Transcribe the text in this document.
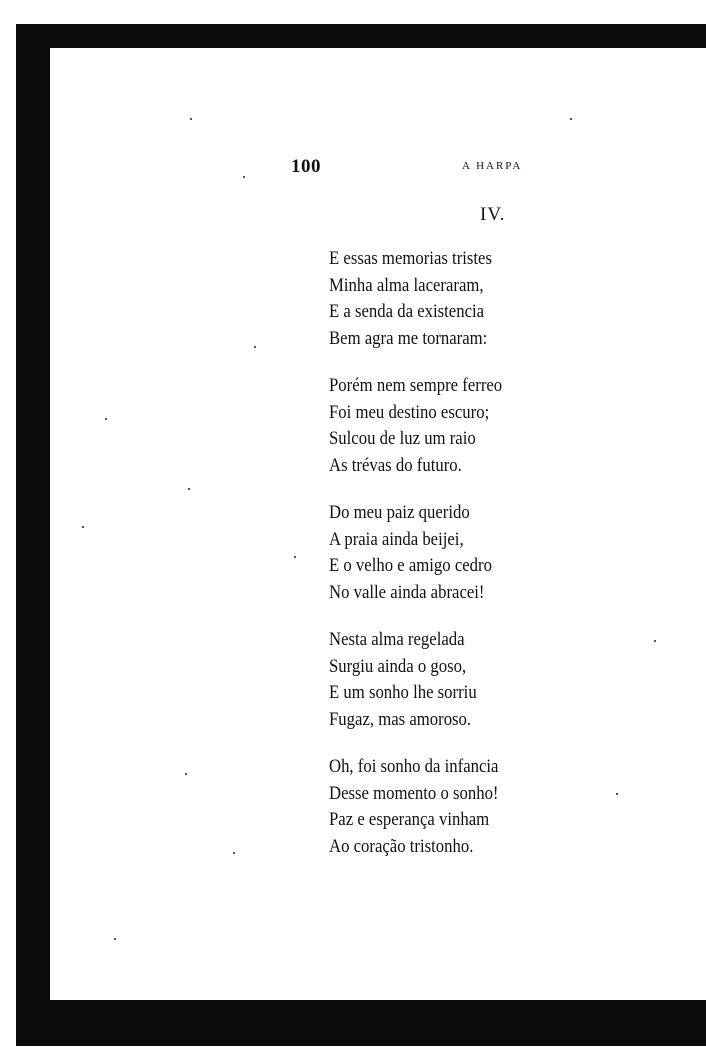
100	A HARPA
IV.
E essas memorias tristes
Minha alma laceraram,
E a senda da existencia
Bem agra me tornaram:
Porém nem sempre ferreo
Foi meu destino escuro;
Sulcou de luz um raio
As trévas do futuro.
Do meu paiz querido
A praia ainda beijei,
E o velho e amigo cedro
No valle ainda abracei!
Nesta alma regelada
Surgiu ainda o goso,
E um sonho lhe sorriu
Fugaz, mas amoroso.
Oh, foi sonho da infancia
Desse momento o sonho!
Paz e esperança vinham
Ao coração tristonho.
